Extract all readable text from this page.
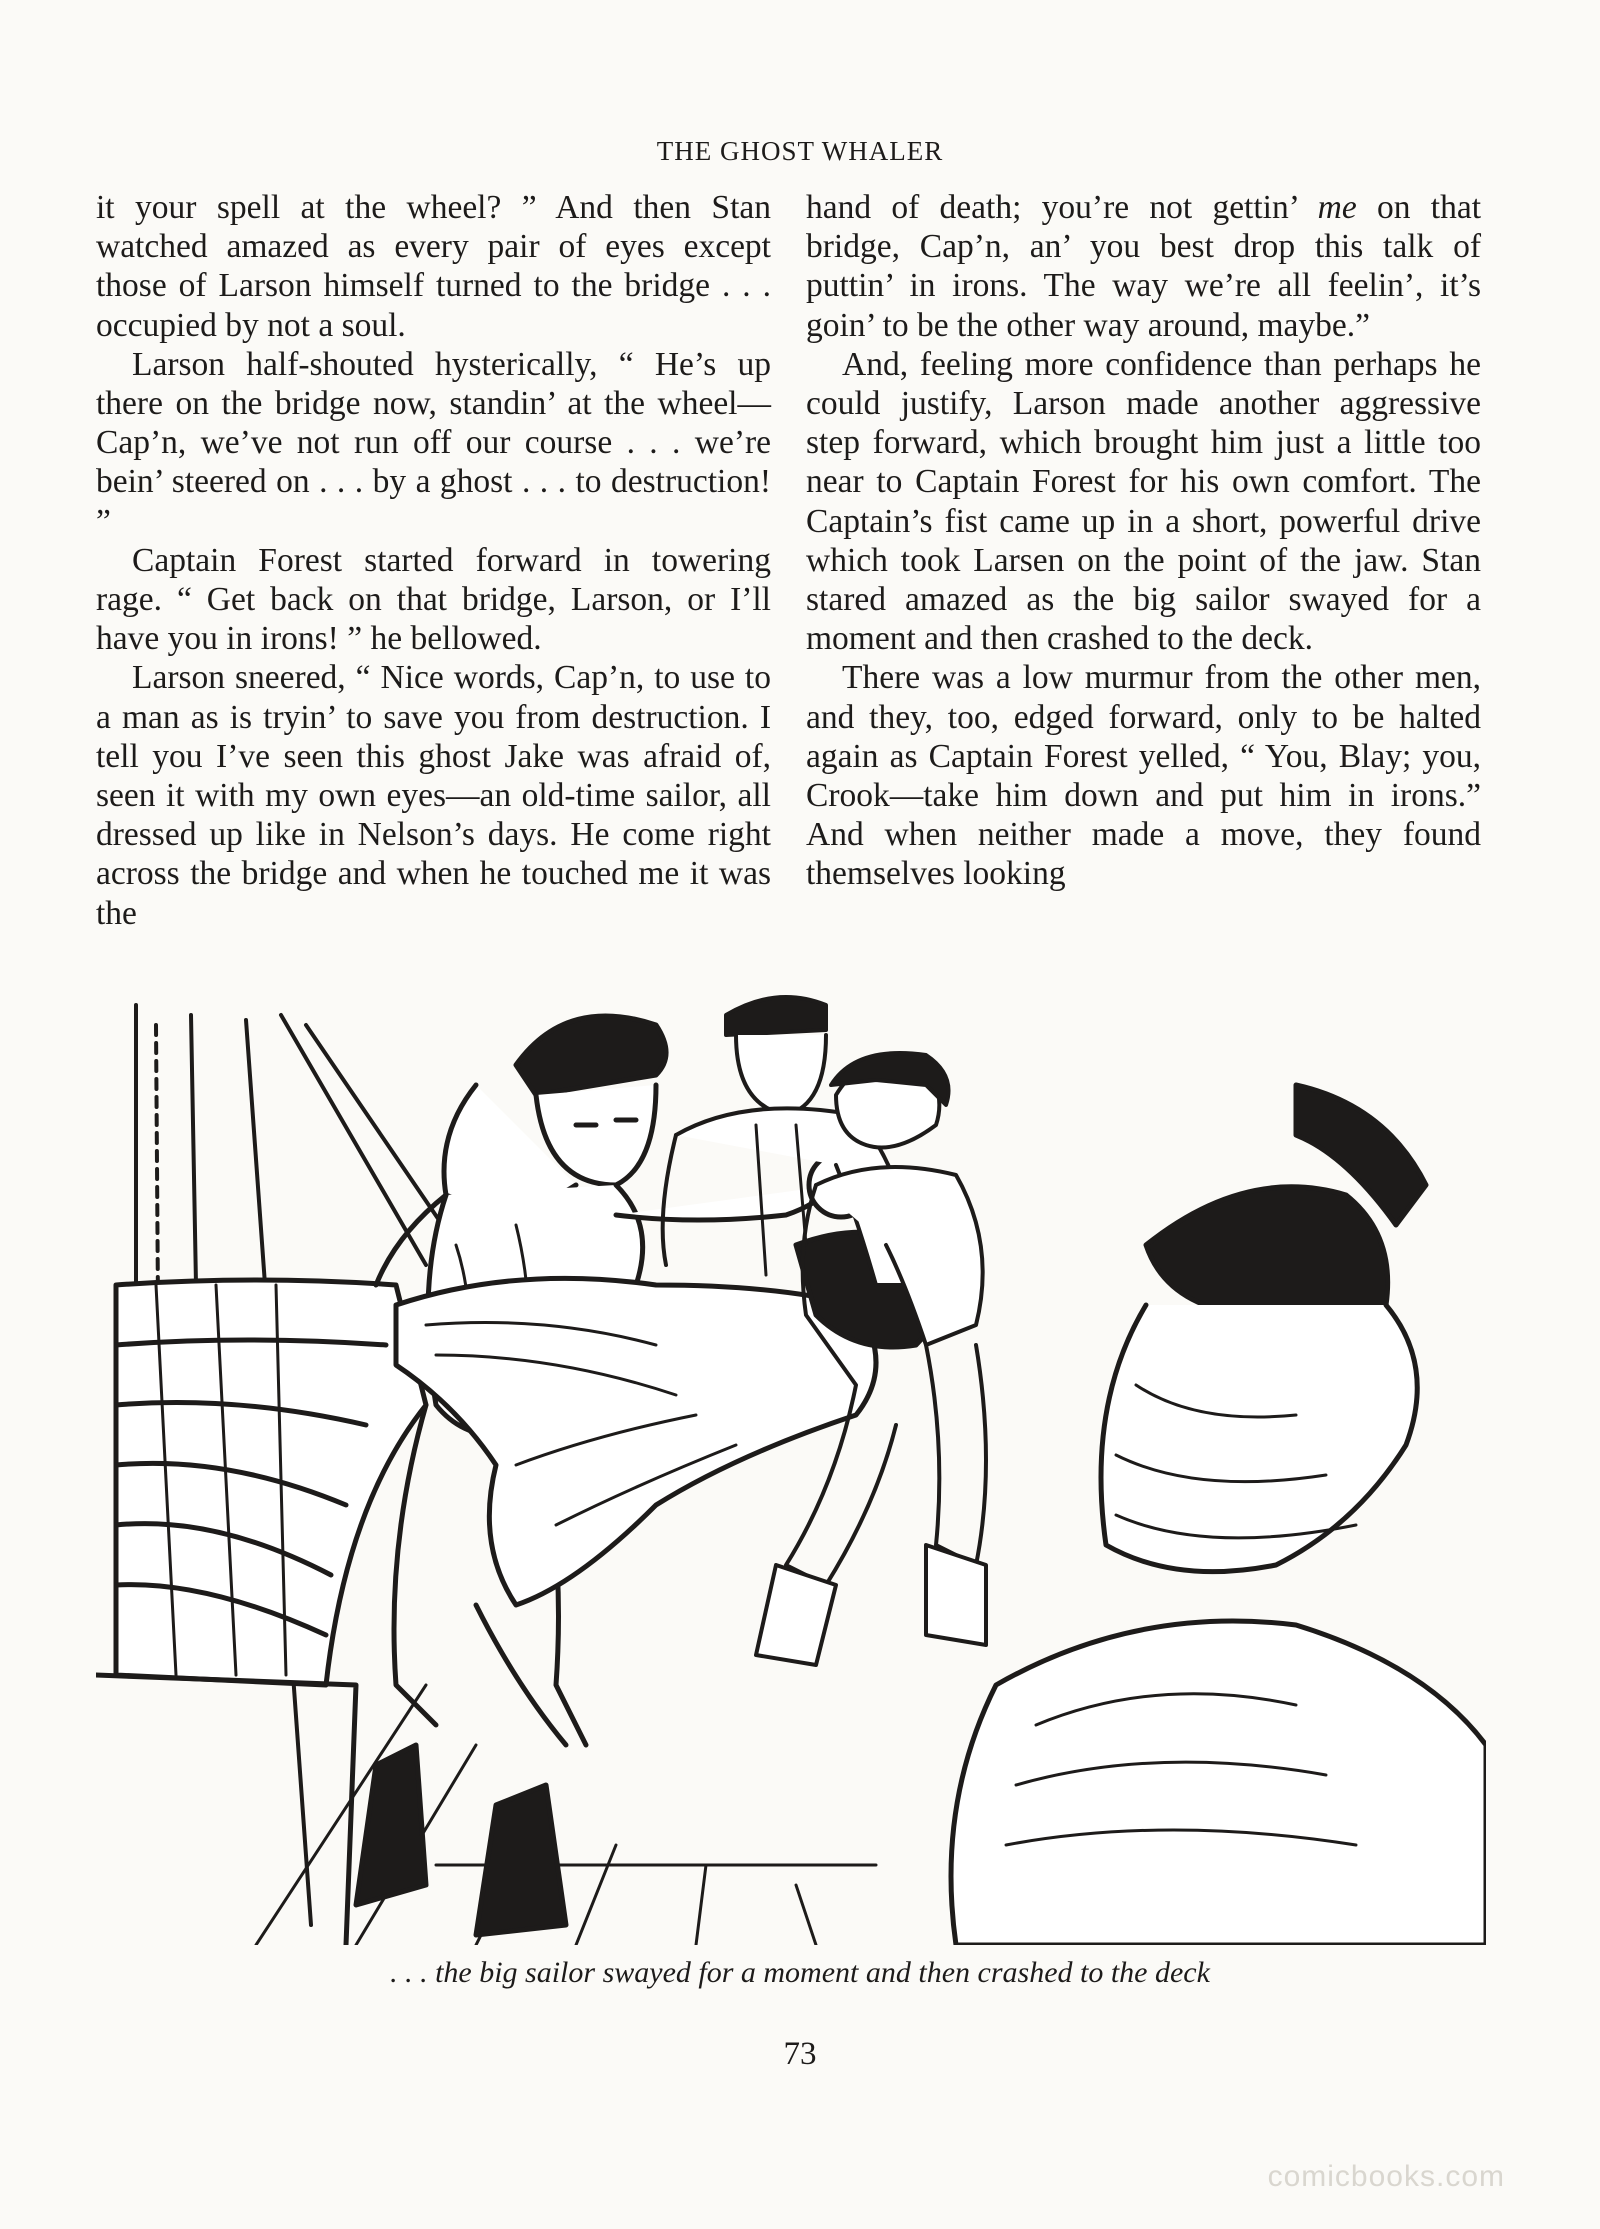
THE GHOST WHALER

it your spell at the wheel? ” And then Stan watched amazed as every pair of eyes except those of Larson himself turned to the bridge . . . occupied by not a soul.

Larson half-shouted hysterically, “ He’s up there on the bridge now, standin’ at the wheel—Cap’n, we’ve not run off our course . . . we’re bein’ steered on . . . by a ghost . . . to destruction! ”

Captain Forest started forward in towering rage. “ Get back on that bridge, Larson, or I’ll have you in irons! ” he bellowed.

Larson sneered, “ Nice words, Cap’n, to use to a man as is tryin’ to save you from destruction. I tell you I’ve seen this ghost Jake was afraid of, seen it with my own eyes—an old-time sailor, all dressed up like in Nelson’s days. He come right across the bridge and when he touched me it was the

hand of death; you’re not gettin’ me on that bridge, Cap’n, an’ you best drop this talk of puttin’ in irons. The way we’re all feelin’, it’s goin’ to be the other way around, maybe.”

And, feeling more confidence than perhaps he could justify, Larson made another aggressive step forward, which brought him just a little too near to Captain Forest for his own comfort. The Captain’s fist came up in a short, powerful drive which took Larsen on the point of the jaw. Stan stared amazed as the big sailor swayed for a moment and then crashed to the deck.

There was a low murmur from the other men, and they, too, edged forward, only to be halted again as Captain Forest yelled, “ You, Blay; you, Crook—take him down and put him in irons.” And when neither made a move, they found themselves looking

. . . the big sailor swayed for a moment and then crashed to the deck
73
comicbooks.com
